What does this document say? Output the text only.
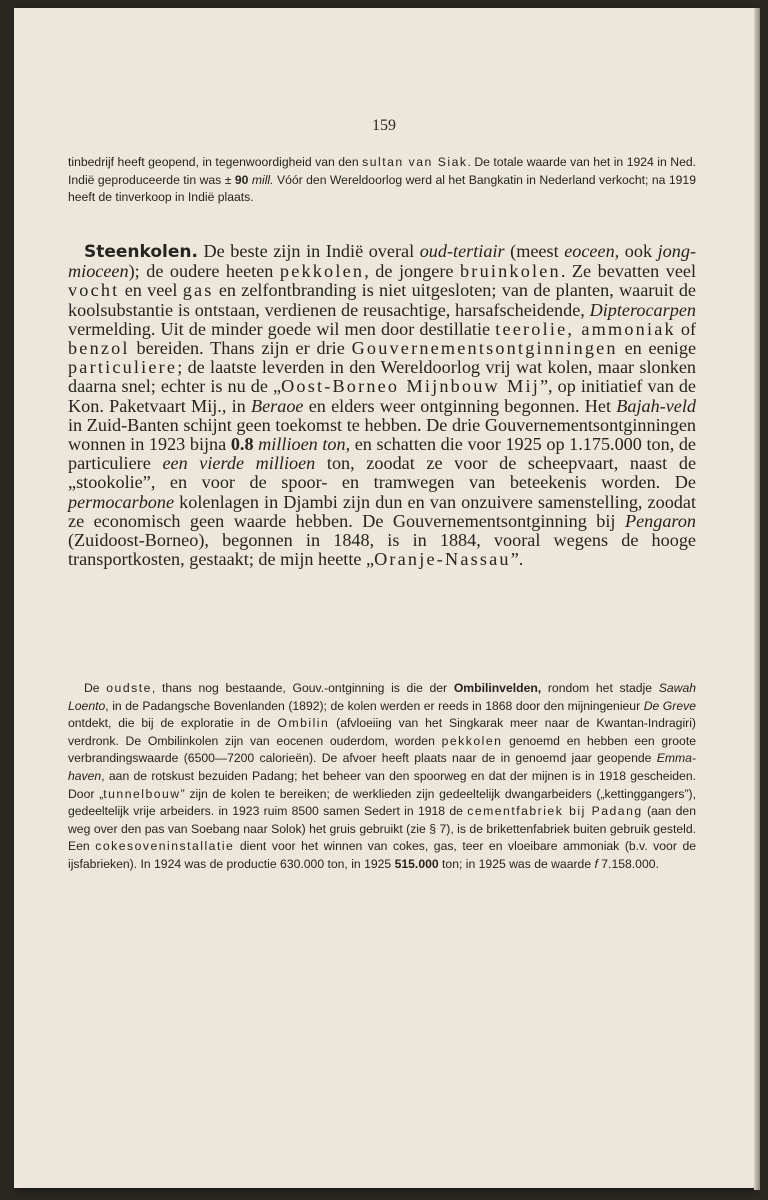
159

tinbedrijf heeft geopend, in tegenwoordigheid van den sultan van Siak. De totale waarde van het in 1924 in Ned. Indië geproduceerde tin was ± 90 mill. Vóór den Wereldoorlog werd al het Bangkatin in Nederland verkocht; na 1919 heeft de tinverkoop in Indië plaats.

Steenkolen. De beste zijn in Indië overal oud-tertiair (meest eoceen, ook jong-mioceen); de oudere heeten pekkolen, de jongere bruinkolen. Ze bevatten veel vocht en veel gas en zelfontbranding is niet uitgesloten; van de planten, waaruit de koolsubstantie is ontstaan, verdienen de reusachtige, harsafscheidende, Dipterocarpen vermelding. Uit de minder goede wil men door destillatie teerolie, ammoniak of benzol bereiden. Thans zijn er drie Gouvernementsontginningen en eenige particuliere; de laatste leverden in den Wereldoorlog vrij wat kolen, maar slonken daarna snel; echter is nu de „Oost-Borneo Mijnbouw Mij”, op initiatief van de Kon. Paketvaart Mij., in Beraoe en elders weer ontginning begonnen. Het Bajah-veld in Zuid-Banten schijnt geen toekomst te hebben. De drie Gouvernementsontginningen wonnen in 1923 bijna 0.8 millioen ton, en schatten die voor 1925 op 1.175.000 ton, de particuliere een vierde millioen ton, zoodat ze voor de scheepvaart, naast de „stookolie”, en voor de spoor- en tramwegen van beteekenis worden. De permocarbone kolenlagen in Djambi zijn dun en van onzuivere samenstelling, zoodat ze economisch geen waarde hebben. De Gouvernementsontginning bij Pengaron (Zuidoost-Borneo), begonnen in 1848, is in 1884, vooral wegens de hooge transportkosten, gestaakt; de mijn heette „Oranje-Nassau”.

De oudste, thans nog bestaande, Gouv.-ontginning is die der Ombilinvelden, rondom het stadje Sawah Loento, in de Padangsche Bovenlanden (1892); de kolen werden er reeds in 1868 door den mijningenieur De Greve ontdekt, die bij de exploratie in de Ombilin (afvloeiing van het Singkarak meer naar de Kwantan-Indragiri) verdronk. De Ombilinkolen zijn van eocenen ouderdom, worden pekkolen genoemd en hebben een groote verbrandingswaarde (6500—7200 calorieën). De afvoer heeft plaats naar de in genoemd jaar geopende Emma-haven, aan de rotskust bezuiden Padang; het beheer van den spoorweg en dat der mijnen is in 1918 gescheiden. Door „tunnelbouw” zijn de kolen te bereiken; de werklieden zijn gedeeltelijk dwangarbeiders („kettinggangers”), gedeeltelijk vrije arbeiders. in 1923 ruim 8500 samen Sedert in 1918 de cementfabriek bij Padang (aan den weg over den pas van Soebang naar Solok) het gruis gebruikt (zie § 7), is de brikettenfabriek buiten gebruik gesteld. Een cokesoveninstallatie dient voor het winnen van cokes, gas, teer en vloeibare ammoniak (b.v. voor de ijsfabrieken). In 1924 was de productie 630.000 ton, in 1925 515.000 ton; in 1925 was de waarde f 7.158.000.
